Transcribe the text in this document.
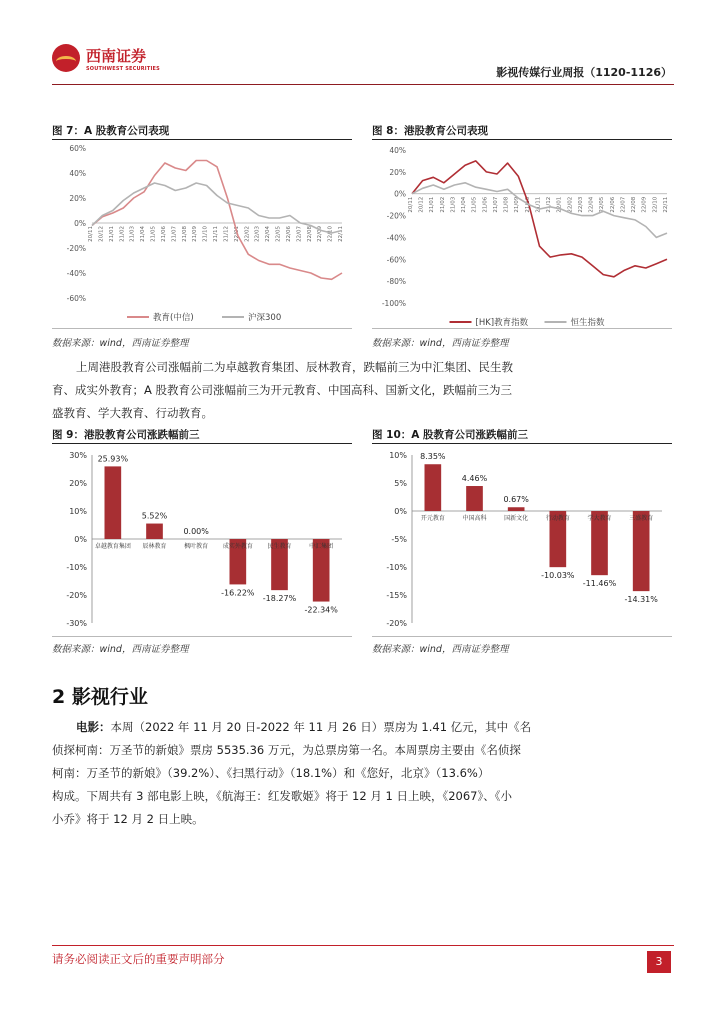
西南证券
SOUTHWEST SECURITIES	影视传媒行业周报（1120-1126）
图 7：A 股教育公司表现
60%
40%
20%
0%
-20%
-40%
-60%
20/11 20/12 21/01 21/02 21/03 21/04 21/05 21/06 21/07 21/08 21/09 21/10 21/11 21/12 22/01 22/02 22/03 22/04 22/05 22/06 22/07 22/08 22/09 22/10 22/11
教育(中信)	沪深300
数据来源：wind，西南证券整理
图 8：港股教育公司表现
40%
20%
0%
-20%
-40%
-60%
-80%
-100%
20/11 20/12 21/01 21/02 21/03 21/04 21/05 21/06 21/07 21/08 21/09 21/10 21/11 21/12 22/01 22/02 22/03 22/04 22/05 22/06 22/07 22/08 22/09 22/10 22/11
[HK]教育指数	恒生指数
数据来源：wind，西南证券整理
上周港股教育公司涨幅前二为卓越教育集团、辰林教育，跌幅前三为中汇集团、民生教
育、成实外教育；A 股教育公司涨幅前三为开元教育、中国高科、国新文化，跌幅前三为三
盛教育、学大教育、行动教育。
图 9：港股教育公司涨跌幅前三
30%
20%
10%
0%
-10%
-20%
-30%
25.93%
卓越教育集团
5.52%
辰林教育
0.00%
枫叶教育
-16.22%
成实外教育
-18.27%
民生教育
-22.34%
中汇集团
数据来源：wind，西南证券整理
图 10：A 股教育公司涨跌幅前三
10%
5%
0%
-5%
-10%
-15%
-20%
8.35%
开元教育
4.46%
中国高科
0.67%
国新文化
-10.03%
行动教育
-11.46%
学大教育
-14.31%
三盛教育
数据来源：wind，西南证券整理
2 影视行业
电影：本周（2022 年 11 月 20 日-2022 年 11 月 26 日）票房为 1.41 亿元，其中《名
侦探柯南：万圣节的新娘》票房 5535.36 万元，为总票房第一名。本周票房主要由《名侦探
柯南：万圣节的新娘》（39.2%）、《扫黑行动》（18.1%）和《您好，北京》（13.6%）
构成。下周共有 3 部电影上映，《航海王：红发歌姬》将于 12 月 1 日上映，《2067》、《小
小乔》将于 12 月 2 日上映。
请务必阅读正文后的重要声明部分	3
